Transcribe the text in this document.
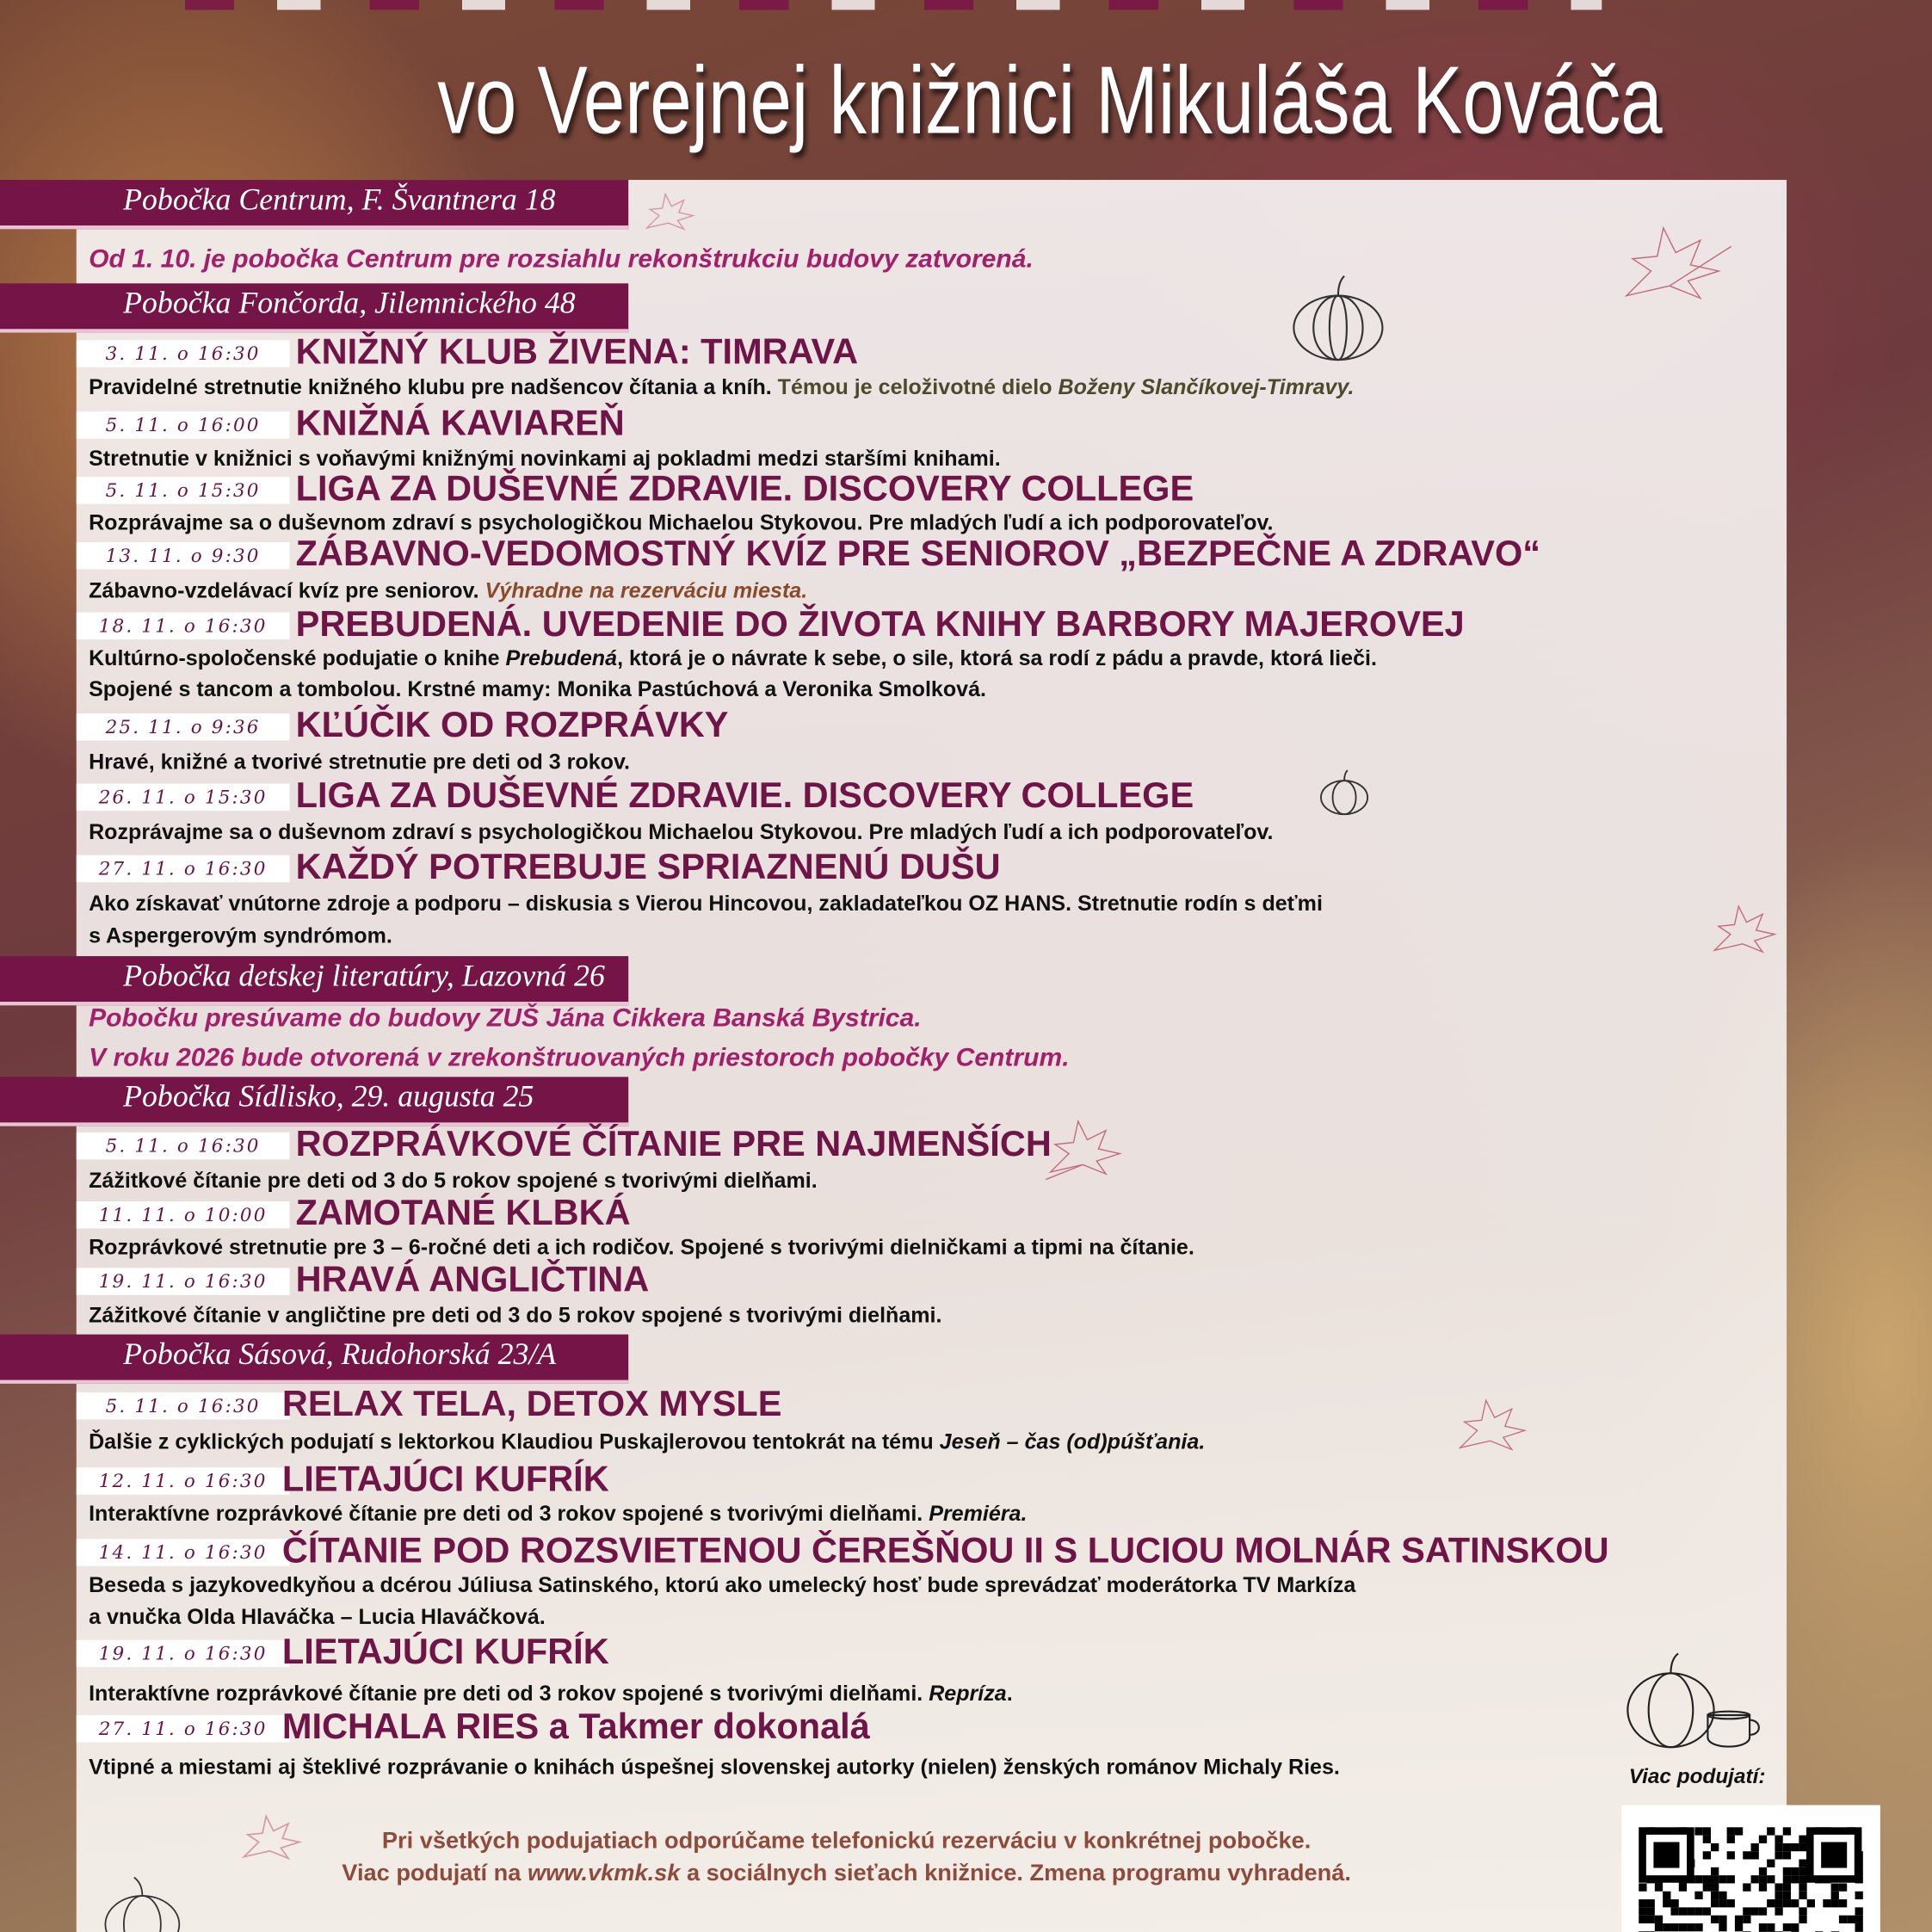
vo Verejnej knižnici Mikuláša Kováča
Pobočka Centrum, F. Švantnera 18
Od 1. 10. je pobočka Centrum pre rozsiahlu rekonštrukciu budovy zatvorená.
Pobočka Fončorda, Jilemnického 48
3. 11. o 16:30	KNIŽNÝ KLUB ŽIVENA: TIMRAVA
Pravidelné stretnutie knižného klubu pre nadšencov čítania a kníh. Témou je celoživotné dielo Boženy Slančíkovej-Timravy.
5. 11. o 16:00	KNIŽNÁ KAVIAREŇ
Stretnutie v knižnici s voňavými knižnými novinkami aj pokladmi medzi staršími knihami.
5. 11. o 15:30	LIGA ZA DUŠEVNÉ ZDRAVIE. DISCOVERY COLLEGE
Rozprávajme sa o duševnom zdraví s psychologičkou Michaelou Stykovou. Pre mladých ľudí a ich podporovateľov.
13. 11. o 9:30	ZÁBAVNO-VEDOMOSTNÝ KVÍZ PRE SENIOROV „BEZPEČNE A ZDRAVO“
Zábavno-vzdelávací kvíz pre seniorov. Výhradne na rezerváciu miesta.
18. 11. o 16:30	PREBUDENÁ. UVEDENIE DO ŽIVOTA KNIHY BARBORY MAJEROVEJ
Kultúrno-spoločenské podujatie o knihe Prebudená, ktorá je o návrate k sebe, o sile, ktorá sa rodí z pádu a pravde, ktorá lieči.
Spojené s tancom a tombolou. Krstné mamy: Monika Pastúchová a Veronika Smolková.
25. 11. o 9:36	KĽÚČIK OD ROZPRÁVKY
Hravé, knižné a tvorivé stretnutie pre deti od 3 rokov.
26. 11. o 15:30	LIGA ZA DUŠEVNÉ ZDRAVIE. DISCOVERY COLLEGE
Rozprávajme sa o duševnom zdraví s psychologičkou Michaelou Stykovou. Pre mladých ľudí a ich podporovateľov.
27. 11. o 16:30	KAŽDÝ POTREBUJE SPRIAZNENÚ DUŠU
Ako získavať vnútorne zdroje a podporu – diskusia s Vierou Hincovou, zakladateľkou OZ HANS. Stretnutie rodín s deťmi
s Aspergerovým syndrómom.
Pobočka detskej literatúry, Lazovná 26
Pobočku presúvame do budovy ZUŠ Jána Cikkera Banská Bystrica.
V roku 2026 bude otvorená v zrekonštruovaných priestoroch pobočky Centrum.
Pobočka Sídlisko, 29. augusta 25
5. 11. o 16:30	ROZPRÁVKOVÉ ČÍTANIE PRE NAJMENŠÍCH
Zážitkové čítanie pre deti od 3 do 5 rokov spojené s tvorivými dielňami.
11. 11. o 10:00	ZAMOTANÉ KLBKÁ
Rozprávkové stretnutie pre 3 – 6-ročné deti a ich rodičov. Spojené s tvorivými dielničkami a tipmi na čítanie.
19. 11. o 16:30	HRAVÁ ANGLIČTINA
Zážitkové čítanie v angličtine pre deti od 3 do 5 rokov spojené s tvorivými dielňami.
Pobočka Sásová, Rudohorská 23/A
5. 11. o 16:30 RELAX TELA, DETOX MYSLE
Ďalšie z cyklických podujatí s lektorkou Klaudiou Puskajlerovou tentokrát na tému Jeseň – čas (od)púšťania.
12. 11. o 16:30 LIETAJÚCI KUFRÍK
Interaktívne rozprávkové čítanie pre deti od 3 rokov spojené s tvorivými dielňami. Premiéra.
14. 11. o 16:30 ČÍTANIE POD ROZSVIETENOU ČEREŠŇOU II S LUCIOU MOLNÁR SATINSKOU
Beseda s jazykovedkyňou a dcérou Júliusa Satinského, ktorú ako umelecký hosť bude sprevádzať moderátorka TV Markíza
a vnučka Olda Hlaváčka – Lucia Hlaváčková.
19. 11. o 16:30 LIETAJÚCI KUFRÍK
Interaktívne rozprávkové čítanie pre deti od 3 rokov spojené s tvorivými dielňami. Repríza.
27. 11. o 16:30 MICHALA RIES a Takmer dokonalá
Vtipné a miestami aj šteklivé rozprávanie o knihách úspešnej slovenskej autorky (nielen) ženských románov Michaly Ries.
Pri všetkých podujatiach odporúčame telefonickú rezerváciu v konkrétnej pobočke.
Viac podujatí na www.vkmk.sk a sociálnych sieťach knižnice. Zmena programu vyhradená.
Viac podujatí:
